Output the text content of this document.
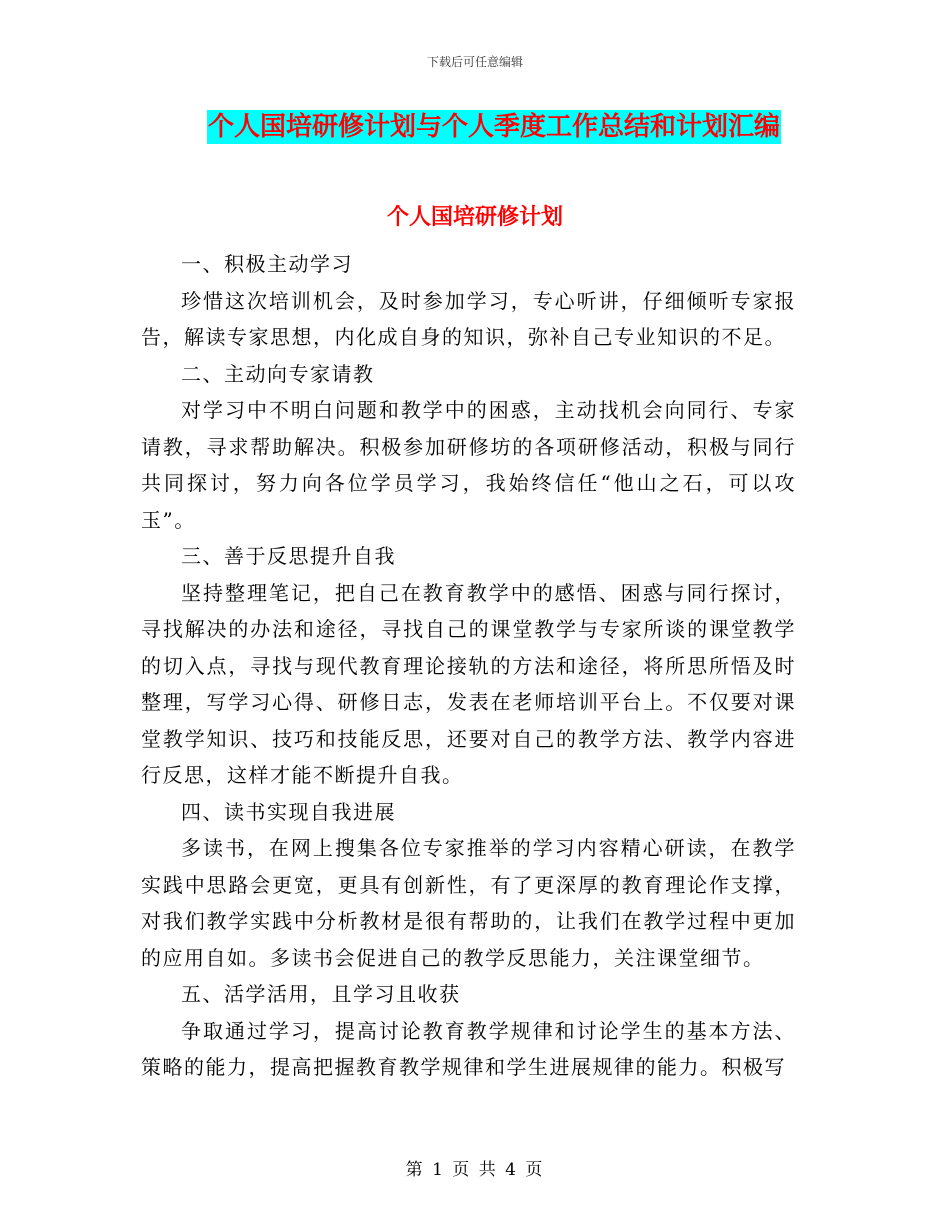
下载后可任意编辑
个人国培研修计划与个人季度工作总结和计划汇编
个人国培研修计划

一、积极主动学习

珍惜这次培训机会，及时参加学习，专心听讲，仔细倾听专家报告，解读专家思想，内化成自身的知识，弥补自己专业知识的不足。

二、主动向专家请教

对学习中不明白问题和教学中的困惑，主动找机会向同行、专家请教，寻求帮助解决。积极参加研修坊的各项研修活动，积极与同行共同探讨，努力向各位学员学习，我始终信任“他山之石，可以攻玉”。

三、善于反思提升自我

坚持整理笔记，把自己在教育教学中的感悟、困惑与同行探讨，寻找解决的办法和途径，寻找自己的课堂教学与专家所谈的课堂教学的切入点，寻找与现代教育理论接轨的方法和途径，将所思所悟及时整理，写学习心得、研修日志，发表在老师培训平台上。不仅要对课堂教学知识、技巧和技能反思，还要对自己的教学方法、教学内容进行反思，这样才能不断提升自我。

四、读书实现自我进展

多读书，在网上搜集各位专家推举的学习内容精心研读，在教学实践中思路会更宽，更具有创新性，有了更深厚的教育理论作支撑，对我们教学实践中分析教材是很有帮助的，让我们在教学过程中更加的应用自如。多读书会促进自己的教学反思能力，关注课堂细节。

五、活学活用，且学习且收获

争取通过学习，提高讨论教育教学规律和讨论学生的基本方法、策略的能力，提高把握教育教学规律和学生进展规律的能力。积极写

第 1 页 共 4 页
